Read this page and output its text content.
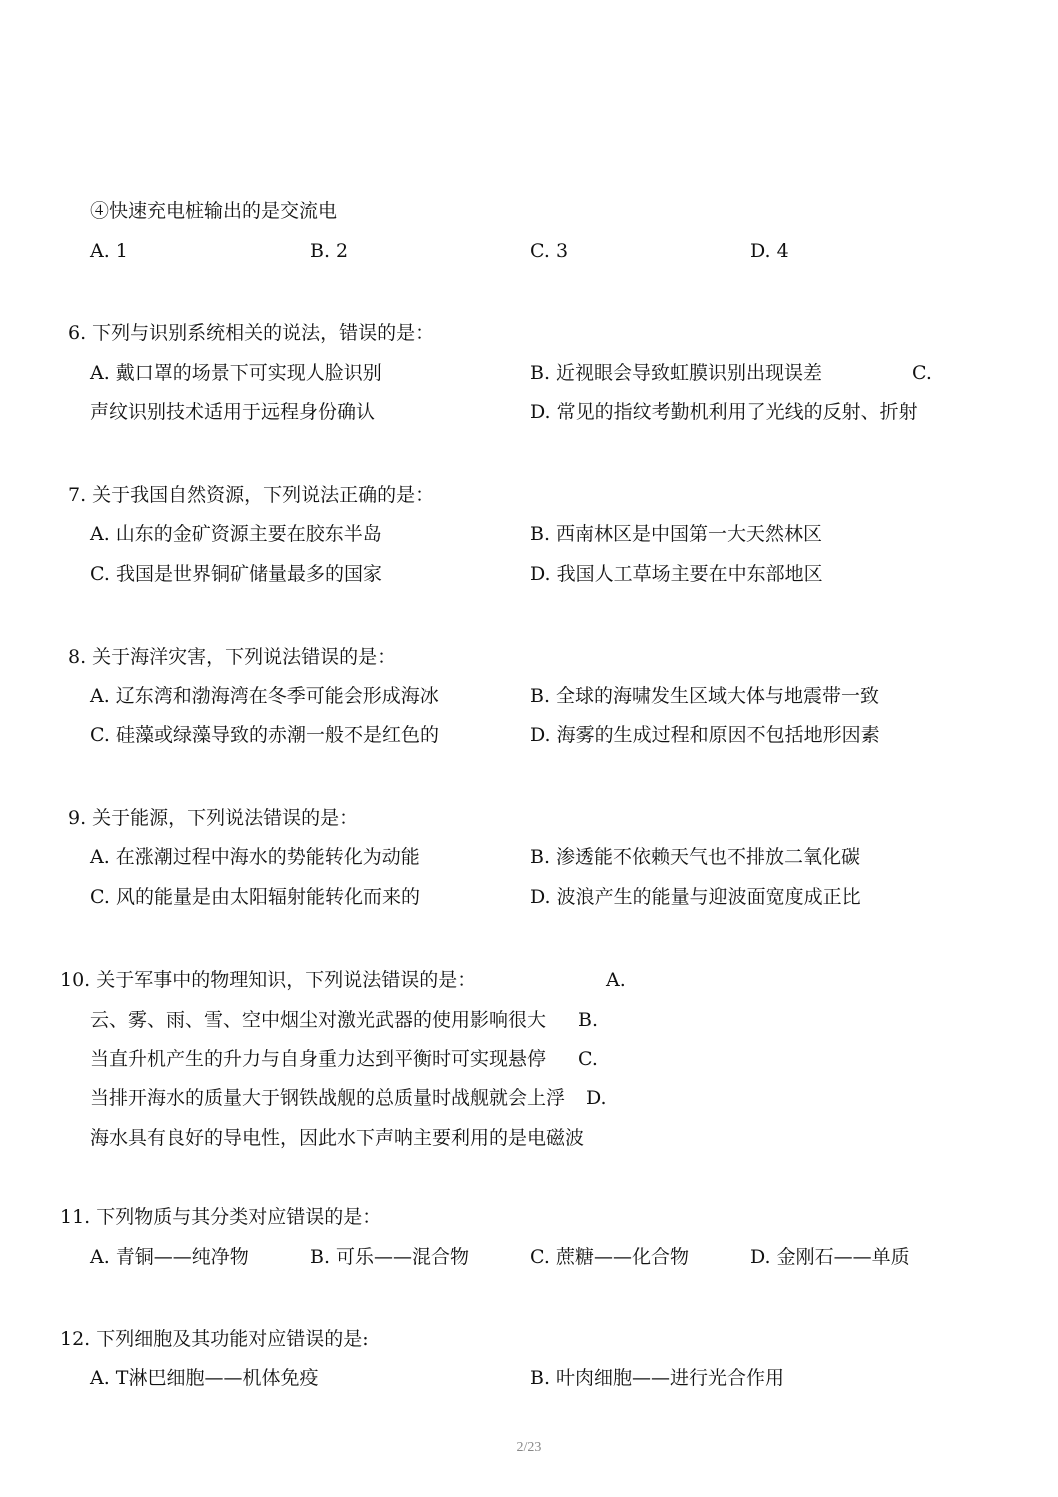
④快速充电桩输出的是交流电
A. 1	B. 2	C. 3	D. 4
6. 下列与识别系统相关的说法，错误的是：
A. 戴口罩的场景下可实现人脸识别	B. 近视眼会导致虹膜识别出现误差	C.
声纹识别技术适用于远程身份确认	D. 常见的指纹考勤机利用了光线的反射、折射
7. 关于我国自然资源，下列说法正确的是：
A. 山东的金矿资源主要在胶东半岛	B. 西南林区是中国第一大天然林区
C. 我国是世界铜矿储量最多的国家	D. 我国人工草场主要在中东部地区
8. 关于海洋灾害，下列说法错误的是：
A. 辽东湾和渤海湾在冬季可能会形成海冰	B. 全球的海啸发生区域大体与地震带一致
C. 硅藻或绿藻导致的赤潮一般不是红色的	D. 海雾的生成过程和原因不包括地形因素
9. 关于能源，下列说法错误的是：
A. 在涨潮过程中海水的势能转化为动能	B. 渗透能不依赖天气也不排放二氧化碳
C. 风的能量是由太阳辐射能转化而来的	D. 波浪产生的能量与迎波面宽度成正比
10. 关于军事中的物理知识，下列说法错误的是：	A.
云、雾、雨、雪、空中烟尘对激光武器的使用影响很大 B.
当直升机产生的升力与自身重力达到平衡时可实现悬停 C.
当排开海水的质量大于钢铁战舰的总质量时战舰就会上浮 D.
海水具有良好的导电性，因此水下声呐主要利用的是电磁波
11. 下列物质与其分类对应错误的是：
A. 青铜——纯净物	B. 可乐——混合物	C. 蔗糖——化合物	D. 金刚石——单质
12. 下列细胞及其功能对应错误的是:
A. T淋巴细胞——机体免疫	B. 叶肉细胞——进行光合作用
2/23
